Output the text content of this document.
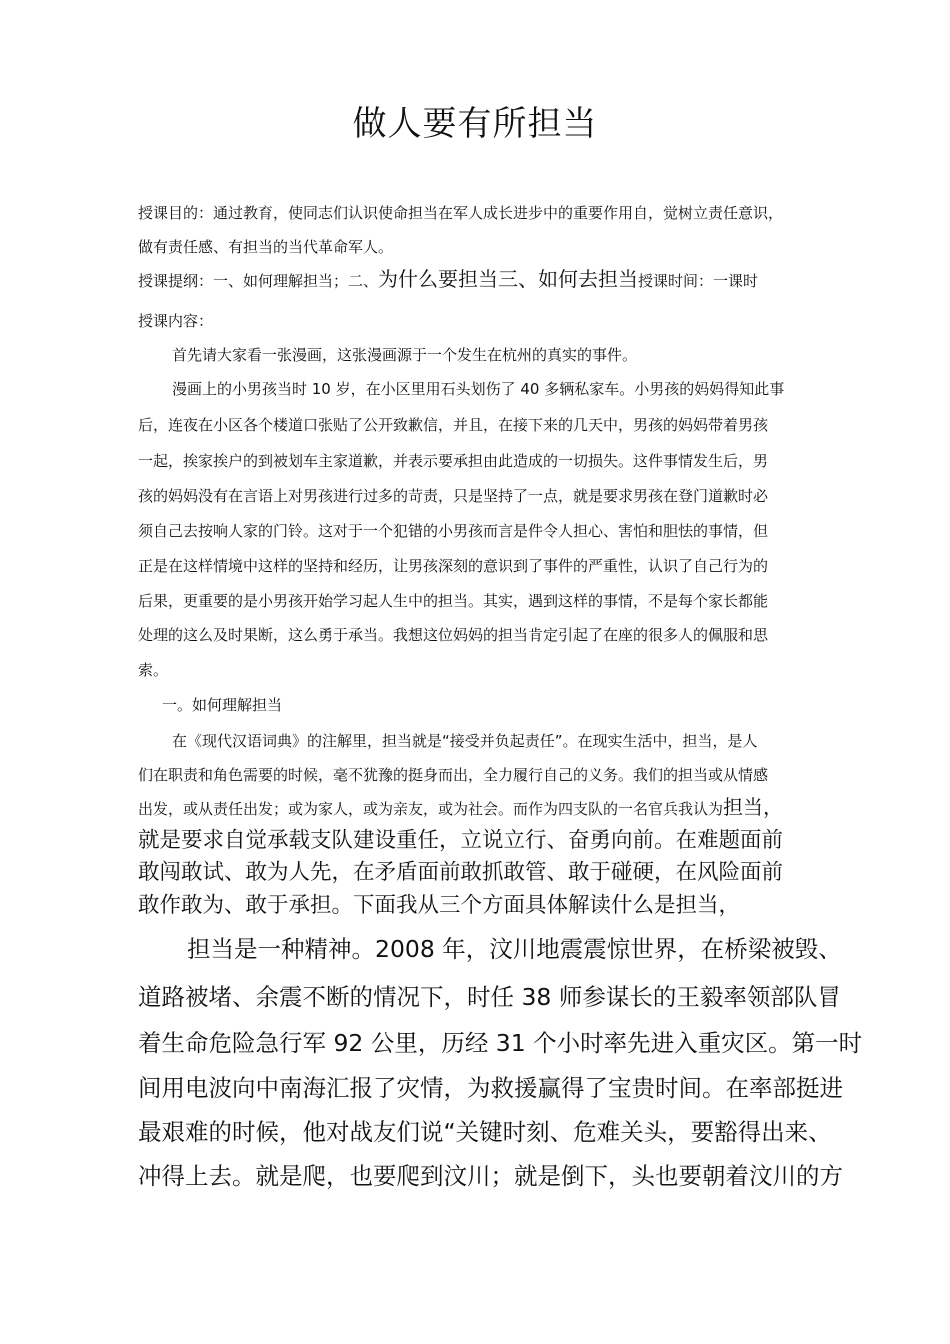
做人要有所担当
授课目的：通过教育，使同志们认识使命担当在军人成长进步中的重要作用自，觉树立责任意识，
做有责任感、有担当的当代革命军人。
授课提纲：一、如何理解担当；二、为什么要担当三、如何去担当授课时间：一课时
授课内容：
首先请大家看一张漫画，这张漫画源于一个发生在杭州的真实的事件。
漫画上的小男孩当时 10 岁，在小区里用石头划伤了 40 多辆私家车。小男孩的妈妈得知此事
后，连夜在小区各个楼道口张贴了公开致歉信，并且，在接下来的几天中，男孩的妈妈带着男孩
一起，挨家挨户的到被划车主家道歉，并表示要承担由此造成的一切损失。这件事情发生后，男
孩的妈妈没有在言语上对男孩进行过多的苛责，只是坚持了一点，就是要求男孩在登门道歉时必
须自己去按响人家的门铃。这对于一个犯错的小男孩而言是件令人担心、害怕和胆怯的事情，但
正是在这样情境中这样的坚持和经历，让男孩深刻的意识到了事件的严重性，认识了自己行为的
后果，更重要的是小男孩开始学习起人生中的担当。其实，遇到这样的事情，不是每个家长都能
处理的这么及时果断，这么勇于承当。我想这位妈妈的担当肯定引起了在座的很多人的佩服和思
索。
一。如何理解担当
在《现代汉语词典》的注解里，担当就是“接受并负起责任”。在现实生活中，担当，是人
们在职责和角色需要的时候，毫不犹豫的挺身而出，全力履行自己的义务。我们的担当或从情感
出发，或从责任出发；或为家人，或为亲友，或为社会。而作为四支队的一名官兵我认为担当，
就是要求自觉承载支队建设重任，立说立行、奋勇向前。在难题面前
敢闯敢试、敢为人先，在矛盾面前敢抓敢管、敢于碰硬，在风险面前
敢作敢为、敢于承担。下面我从三个方面具体解读什么是担当，
担当是一种精神。2008 年，汶川地震震惊世界，在桥梁被毁、
道路被堵、余震不断的情况下，时任 38 师参谋长的王毅率领部队冒
着生命危险急行军 92 公里，历经 31 个小时率先进入重灾区。第一时
间用电波向中南海汇报了灾情，为救援赢得了宝贵时间。在率部挺进
最艰难的时候，他对战友们说“关键时刻、危难关头，要豁得出来、
冲得上去。就是爬，也要爬到汶川；就是倒下，头也要朝着汶川的方
